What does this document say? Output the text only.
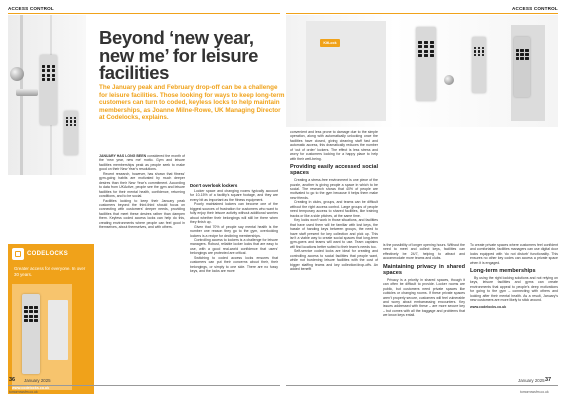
ACCESS CONTROL	ACCESS CONTROL
Beyond ‘new year, new me’ for leisure facilities
The January peak and February drop-off can be a challenge for leisure facilities. Those looking for ways to keep long-term customers can turn to coded, keyless locks to help maintain memberships, as Joanne Milne-Rowe, UK Managing Director at Codelocks, explains.

JANUARY HAS LONG BEEN considered the month of the ‘new year, new me’ motto. Gym and leisure facilities memberships peak as people seek to make good on their New Year’s resolutions.

Recent research, however, has shown that fitness’ gym-going habits are motivated by much deeper desires than their New Year’s commitment. According to data from UKActive, people see the gym and leisure facilities for their mental health, confidence, returning conditions, and to be social.

Facilities looking to keep their January peak customers beyond the third-third should focus on connecting with customers’ deeper needs, providing facilities that meet these desires rather than dampen them. Keyless coded access locks can help do this, creating environments where people can feel good in themselves, about themselves, and with others.

CODELOCKS
Greater access for everyone. In over 30 years.
www.codelocks.co.uk
Don’t overlook lockers

Locker space and changing rooms typically account for 10-15% of a facility’s square footage, and they are every bit as important as the fitness equipment.

Poorly maintained lockers can become one of the biggest sources of frustration for customers who want to fully enjoy their leisure activity without additional worries about whether their belongings will still be there when they finish up.

Given that 70% of people say mental health is the number one reason they go to the gym, overlooking lockers is a recipe for declining memberships.

Controlling access to lockers is a challenge for leisure managers. Robust, reliable locker locks that are easy to use, with a good real-world confidence that users’ belongings are protected are critical.

Switching to coded access locks ensures that customers can put their concerns about their, their belongings, or simply to one side. There are no fussy keys, and the locks are more

KitLock

convenient and less prone to damage due to the simple operation, along with automatically unlocking once the facilities have closed, giving cleaning staff fast and automatic access, this dramatically reduces the number of ‘out of order’ lockers. The effect is less stress and worry for customers looking for a happy place to help with their well-being.

Providing easily accessed social spaces

Creating a stress-free environment is one piece of the puzzle, another is giving people a space in which to be social. The research shows that 40% of people are motivated to go to the gym because it helps them make new friends.

Creating in clubs, groups, and teams can be difficult without the right access control. Large groups of people need temporary access to shared facilities, like training tracks or like a side pitches, at the same time.

Key locks won’t work in those situations, and facilities that have used them will be familiar with lost keys, the hassle of handing keys between groups, the need to have staff present for key collection and pick up. This isn’t a viable way to create social spaces that long-term gym-goers and teams will want to use. Team captains will find locations better suited to their team’s needs too.

Self-service coded locks are ideal for creating and controlling access to social facilities that people want, while not burdening leisure facilities with the cost of bigger staffing teams and key collection/drop-offs. An added benefit

is the possibility of longer opening hours. Without the need to meet and collect keys, facilities can effectively be 24/7, helping to attract and accommodate more teams and clubs.

Maintaining privacy in shared spaces

Privacy is a priority in shared spaces, though it can often be difficult to provide. Locker rooms are public, but customers need private spaces like cubicles or changing rooms. If these private spaces aren’t properly secure, customers will feel vulnerable and worry about embarrassing encounters. Key issues addressed with these – are more secure key – but comes with all the baggage and problems that we know keys entail.

To create private spaces where customers feel confident and comfortable, facilities managers can use digital door locks equipped with ‘do not disturb’ functionality. This ensures no other key codes can access a private space when it is engaged.

Long-term memberships

By using the right locking solutions and not relying on keys, leisure facilities and gyms can create environments that appeal to people’s deep motivations for going to the gym – connecting with others and looking after their mental health. As a result, January’s new customers are more likely to stick around.

www.codelocks.co.uk

36 January 2025
tomorrowsfm.co.uk
January 2025 37
tomorrowsfm.co.uk
